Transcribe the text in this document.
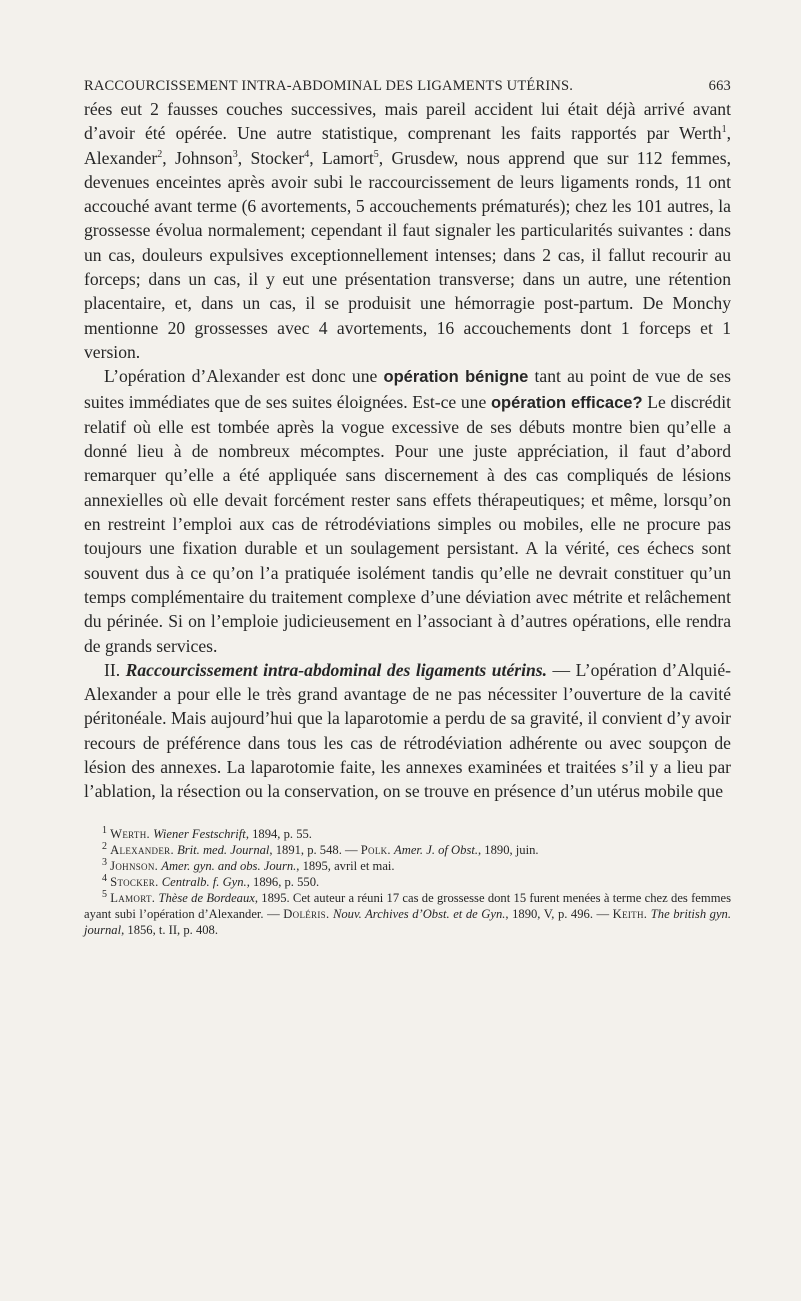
RACCOURCISSEMENT INTRA-ABDOMINAL DES LIGAMENTS UTÉRINS.	663

rées eut 2 fausses couches successives, mais pareil accident lui était déjà arrivé avant d’avoir été opérée. Une autre statistique, comprenant les faits rapportés par Werth$^1$, Alexander$^2$, Johnson$^3$, Stocker$^4$, Lamort$^5$, Grusdew, nous apprend que sur 112 femmes, devenues enceintes après avoir subi le raccourcissement de leurs ligaments ronds, 11 ont accouché avant terme (6 avortements, 5 accouchements prématurés); chez les 101 autres, la grossesse évolua normalement; cependant il faut signaler les particularités suivantes : dans un cas, douleurs expulsives exceptionnellement intenses; dans 2 cas, il fallut recourir au forceps; dans un cas, il y eut une présentation transverse; dans un autre, une rétention placentaire, et, dans un cas, il se produisit une hémorragie post-partum. De Monchy mentionne 20 grossesses avec 4 avortements, 16 accouchements dont 1 forceps et 1 version.

L’opération d’Alexander est donc une opération bénigne tant au point de vue de ses suites immédiates que de ses suites éloignées. Est-ce une opération efficace? Le discrédit relatif où elle est tombée après la vogue excessive de ses débuts montre bien qu’elle a donné lieu à de nombreux mécomptes. Pour une juste appréciation, il faut d’abord remarquer qu’elle a été appliquée sans discernement à des cas compliqués de lésions annexielles où elle devait forcément rester sans effets thérapeutiques; et même, lorsqu’on en restreint l’emploi aux cas de rétrodéviations simples ou mobiles, elle ne procure pas toujours une fixation durable et un soulagement persistant. A la vérité, ces échecs sont souvent dus à ce qu’on l’a pratiquée isolément tandis qu’elle ne devrait constituer qu’un temps complémentaire du traitement complexe d’une déviation avec métrite et relâchement du périnée. Si on l’emploie judicieusement en l’associant à d’autres opérations, elle rendra de grands services.

II. Raccourcissement intra-abdominal des ligaments utérins. — L’opération d’Alquié-Alexander a pour elle le très grand avantage de ne pas nécessiter l’ouverture de la cavité péritonéale. Mais aujourd’hui que la laparotomie a perdu de sa gravité, il convient d’y avoir recours de préférence dans tous les cas de rétrodéviation adhérente ou avec soupçon de lésion des annexes. La laparotomie faite, les annexes examinées et traitées s’il y a lieu par l’ablation, la résection ou la conservation, on se trouve en présence d’un utérus mobile que

$^1$ Werth. Wiener Festschrift, 1894, p. 55.
$^2$ Alexander. Brit. med. Journal, 1891, p. 548. — Polk. Amer. J. of Obst., 1890, juin.
$^3$ Johnson. Amer. gyn. and obs. Journ., 1895, avril et mai.
$^4$ Stocker. Centralb. f. Gyn., 1896, p. 550.
$^5$ Lamort. Thèse de Bordeaux, 1895. Cet auteur a réuni 17 cas de grossesse dont 15 furent menées à terme chez des femmes ayant subi l’opération d’Alexander. — Doléris. Nouv. Archives d’Obst. et de Gyn., 1890, V, p. 496. — Keith. The british gyn. journal, 1856, t. II, p. 408.
